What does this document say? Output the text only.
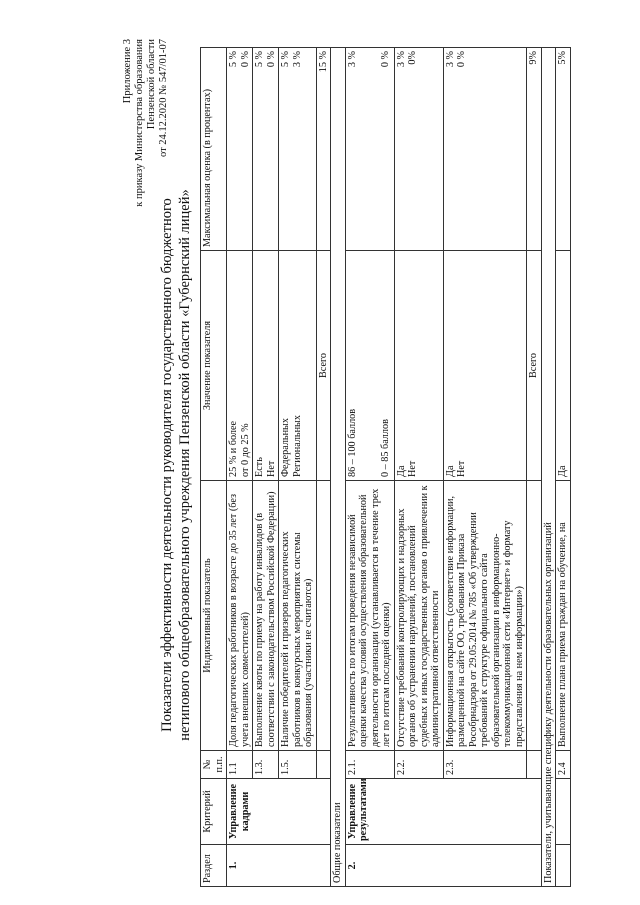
Приложение 3 к приказу Министерства образования Пензенской области от 24.12.2020 № 547/01-07
Показатели эффективности деятельности руководителя государственного бюджетного нетипового общеобразовательного учреждения Пензенской области «Губернский лицей»
Раздел	Критерий	№ п.п.	Индикативный показатель	Значение показателя	Максимальная оценка (в процентах)
1.	Управление кадрами	1.1	Доля педагогических работников в возрасте до 35 лет (без учета внешних совместителей)	25 % и более от 0 до 25 %	5 % 0 %

		1.3.	Выполнение квоты по приему на работу инвалидов (в соответствии с законодательством Российской Федерации)	Есть Нет	5 % 0 %

		1.5.	Наличие победителей и призеров педагогических работников в конкурсных мероприятиях системы образования (участники не считаются)	Федеральных Региональных	5 % 3 %

				Всего	15 %
Общие показатели					
2.	Управление результатами	2.1.	Результативность по итогам проведения независимой оценки качества условий осуществления образовательной деятельности организации (устанавливается в течение трех лет по итогам последней оценки)	86 – 100 баллов 0 – 85 баллов	3 % 0 %

		2.2.	Отсутствие требований контролирующих и надзорных органов об устранении нарушений, постановлений судебных и иных государственных органов о привлечении к административной ответственности	Да Нет	3 % 0%

		2.3.	Информационная открытость (соответствие информации, размещенной на сайте ОО, требованиям Приказа Рособрнадзора от 29.05.2014 № 785 «Об утверждении требований к структуре официального сайта образовательной организации в информационно-телекоммуникационной сети «Интернет» и формату представления на нем информации»)	Да Нет	3 % 0 %

				Всего	9%
Показатели, учитывающие специфику деятельности образовательных организаций					
		2.4	Выполнение плана приема граждан на обучение, на	Да	5%
